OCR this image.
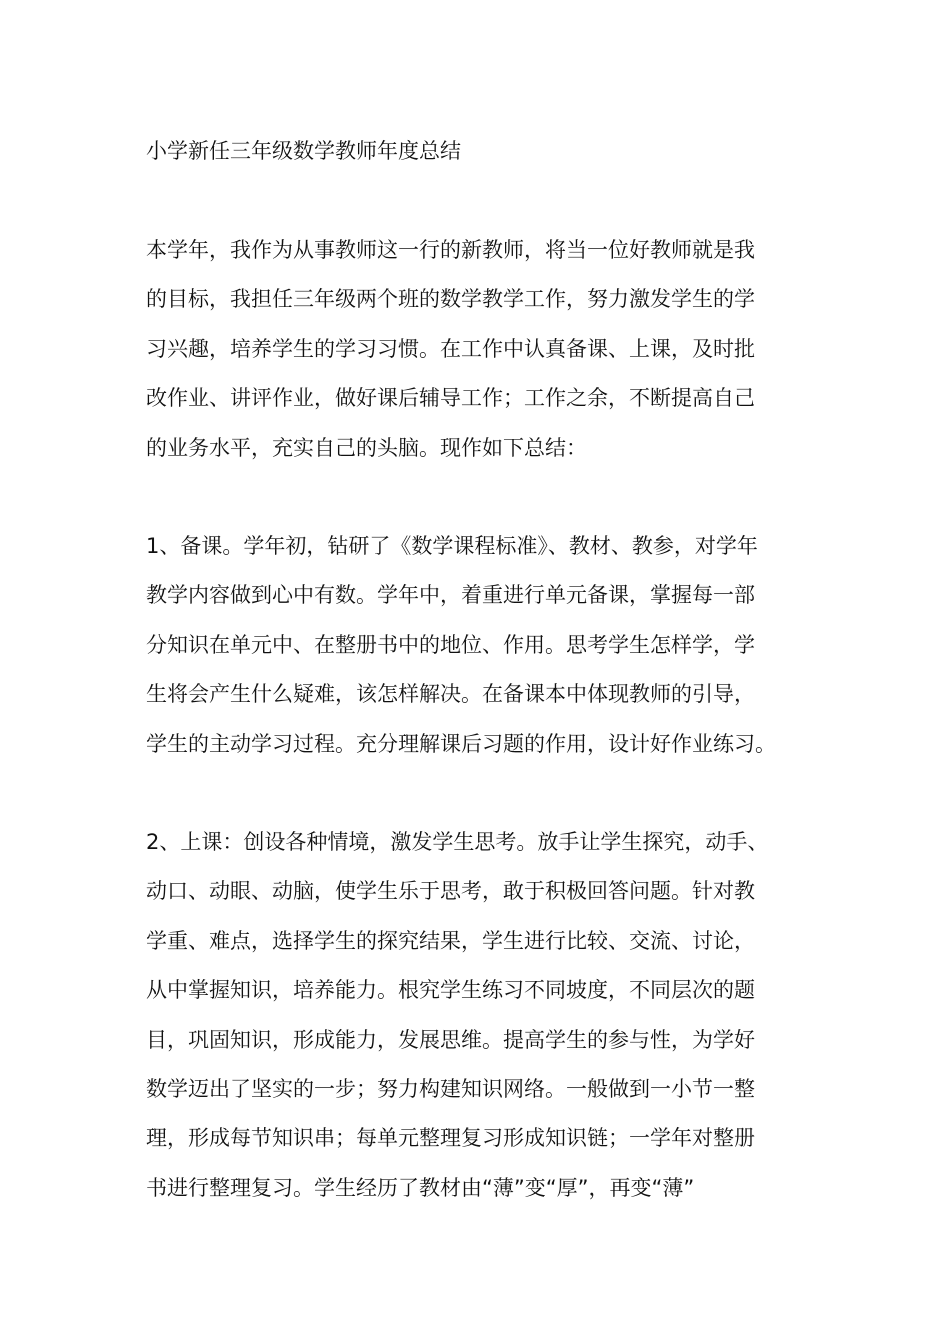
小学新任三年级数学教师年度总结
本学年，我作为从事教师这一行的新教师，将当一位好教师就是我
的目标，我担任三年级两个班的数学教学工作，努力激发学生的学
习兴趣，培养学生的学习习惯。在工作中认真备课、上课，及时批
改作业、讲评作业，做好课后辅导工作；工作之余，不断提高自己
的业务水平，充实自己的头脑。现作如下总结：
1、备课。学年初，钻研了《数学课程标准》、教材、教参，对学年
教学内容做到心中有数。学年中，着重进行单元备课，掌握每一部
分知识在单元中、在整册书中的地位、作用。思考学生怎样学，学
生将会产生什么疑难，该怎样解决。在备课本中体现教师的引导，
学生的主动学习过程。充分理解课后习题的作用，设计好作业练习。
2、上课：创设各种情境，激发学生思考。放手让学生探究，动手、
动口、动眼、动脑，使学生乐于思考，敢于积极回答问题。针对教
学重、难点，选择学生的探究结果，学生进行比较、交流、讨论，
从中掌握知识，培养能力。根究学生练习不同坡度，不同层次的题
目，巩固知识，形成能力，发展思维。提高学生的参与性，为学好
数学迈出了坚实的一步；努力构建知识网络。一般做到一小节一整
理，形成每节知识串；每单元整理复习形成知识链；一学年对整册
书进行整理复习。学生经历了教材由“薄”变“厚”，再变“薄”
